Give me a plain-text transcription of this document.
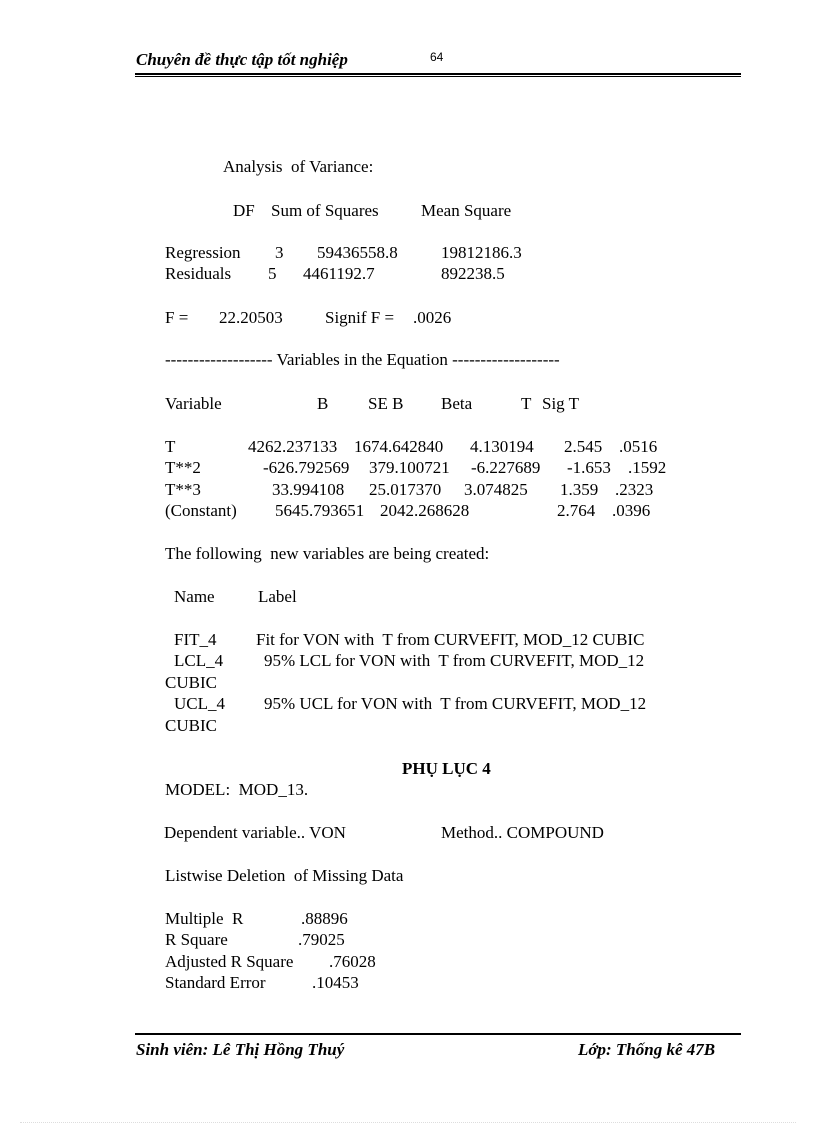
Chuyên đề thực tập tốt nghiệp	64
Analysis  of Variance:
DF Sum of Squares Mean Square
Regression 3 59436558.8	19812186.3
Residuals 5 4461192.7	892238.5
F = 22.20503 Signif F = .0026
------------------- Variables in the Equation -------------------
Variable	B SE B Beta	T Sig T
T	4262.237133 1674.642840 4.130194 2.545 .0516
T**2	-626.792569 379.100721 -6.227689 -1.653 .1592
T**3	33.994108 25.017370 3.074825 1.359 .2323
(Constant) 5645.793651 2042.268628	2.764 .0396
The following  new variables are being created:
Name	Label
FIT_4 Fit for VON with  T from CURVEFIT, MOD_12 CUBIC
LCL_4 95% LCL for VON with  T from CURVEFIT, MOD_12
CUBIC
UCL_4 95% UCL for VON with  T from CURVEFIT, MOD_12
CUBIC
PHỤ LỤC 4
MODEL:  MOD_13.
Dependent variable.. VON	Method.. COMPOUND
Listwise Deletion  of Missing Data
Multiple  R	.88896
R Square	.79025
Adjusted R Square .76028
Standard Error	.10453
Sinh viên: Lê Thị Hồng Thuý	Lớp: Thống kê 47B
